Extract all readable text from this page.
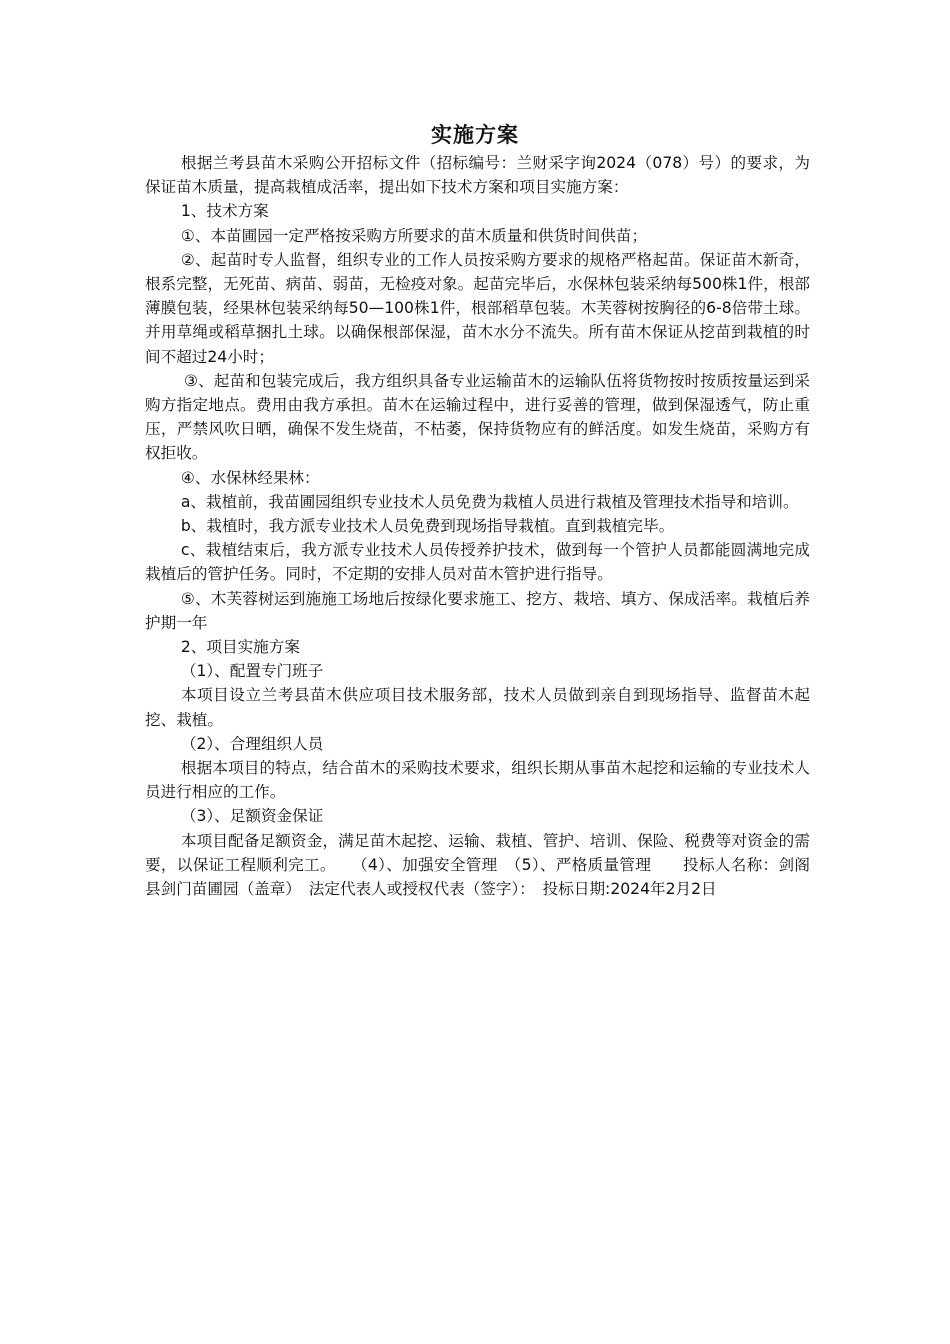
实施方案

根据兰考县苗木采购公开招标文件（招标编号：兰财采字询2024（078）号）的要求，为保证苗木质量，提高栽植成活率，提出如下技术方案和项目实施方案：

1、技术方案

①、本苗圃园一定严格按采购方所要求的苗木质量和供货时间供苗；

②、起苗时专人监督，组织专业的工作人员按采购方要求的规格严格起苗。保证苗木新奇，根系完整，无死苗、病苗、弱苗，无检疫对象。起苗完毕后，水保林包装采纳每500株1件，根部薄膜包装，经果林包装采纳每50—100株1件，根部稻草包装。木芙蓉树按胸径的6-8倍带土球。并用草绳或稻草捆扎土球。以确保根部保湿，苗木水分不流失。所有苗木保证从挖苗到栽植的时间不超过24小时；

③、起苗和包装完成后，我方组织具备专业运输苗木的运输队伍将货物按时按质按量运到采购方指定地点。费用由我方承担。苗木在运输过程中，进行妥善的管理，做到保湿透气，防止重压，严禁风吹日晒，确保不发生烧苗，不枯萎，保持货物应有的鲜活度。如发生烧苗，采购方有权拒收。

④、水保林经果林：

a、栽植前，我苗圃园组织专业技术人员免费为栽植人员进行栽植及管理技术指导和培训。

b、栽植时，我方派专业技术人员免费到现场指导栽植。直到栽植完毕。

c、栽植结束后，我方派专业技术人员传授养护技术，做到每一个管护人员都能圆满地完成栽植后的管护任务。同时，不定期的安排人员对苗木管护进行指导。

⑤、木芙蓉树运到施施工场地后按绿化要求施工、挖方、栽培、填方、保成活率。栽植后养护期一年

2、项目实施方案

（1）、配置专门班子

本项目设立兰考县苗木供应项目技术服务部，技术人员做到亲自到现场指导、监督苗木起挖、栽植。

（2）、合理组织人员

根据本项目的特点，结合苗木的采购技术要求，组织长期从事苗木起挖和运输的专业技术人员进行相应的工作。

（3）、足额资金保证

本项目配备足额资金，满足苗木起挖、运输、栽植、管护、培训、保险、税费等对资金的需要，以保证工程顺利完工。　　 （4）、加强安全管理　 （5）、严格质量管理　　 投标人名称：剑阁县剑门苗圃园（盖章）　 法定代表人或授权代表（签字）：　 投标日期:2024年2月2日
